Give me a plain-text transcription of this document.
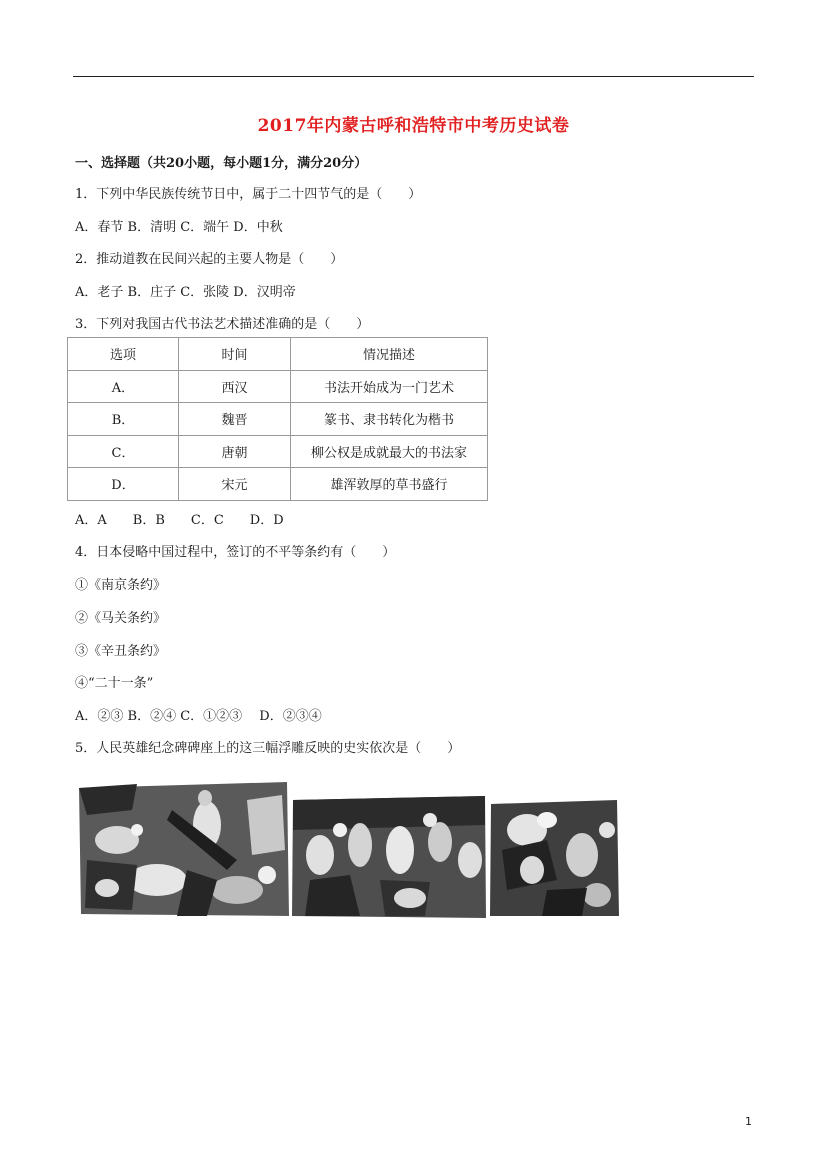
2017年内蒙古呼和浩特市中考历史试卷
一、选择题（共20小题，每小题1分，满分20分）
1．下列中华民族传统节日中，属于二十四节气的是（　　）
A．春节 B．清明 C．端午 D．中秋
2．推动道教在民间兴起的主要人物是（　　）
A．老子 B．庄子 C．张陵 D．汉明帝
3．下列对我国古代书法艺术描述准确的是（　　）
选项	时间	情况描述
A．	西汉	书法开始成为一门艺术
B．	魏晋	篆书、隶书转化为楷书
C．	唐朝	柳公权是成就最大的书法家
D．	宋元	雄浑敦厚的草书盛行
A．A　　B．B　　C．C　　D．D
4．日本侵略中国过程中，签订的不平等条约有（　　）
①《南京条约》
②《马关条约》
③《辛丑条约》
④“二十一条”
A．②③ B．②④ C．①②③　 D．②③④
5．人民英雄纪念碑碑座上的这三幅浮雕反映的史实依次是（　　）
1
